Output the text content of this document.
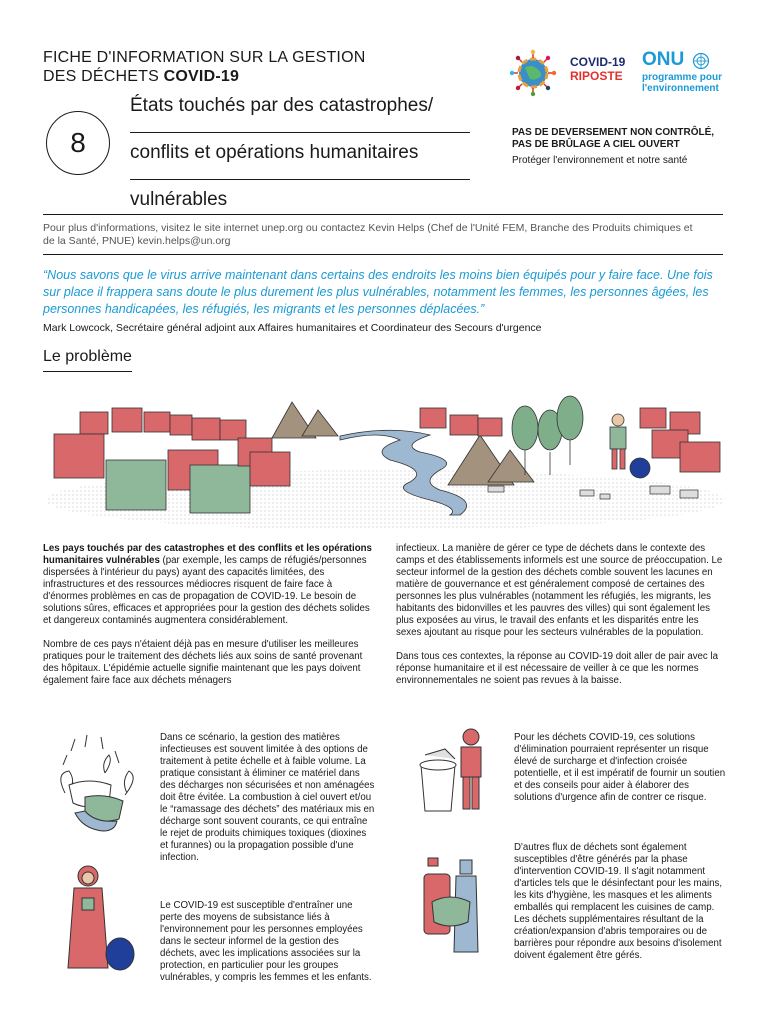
FICHE D'INFORMATION SUR LA GESTION
DES DÉCHETS COVID-19
COVID-19
RIPOSTE
ONU
programme pour
l'environnement
8
États touchés par des catastrophes/
conflits et opérations humanitaires
vulnérables
PAS DE DEVERSEMENT NON CONTRÔLÉ,
PAS DE BRÛLAGE A CIEL OUVERT
Protéger l'environnement et notre santé
Pour plus d'informations, visitez le site internet unep.org ou contactez Kevin Helps (Chef de l'Unité FEM, Branche des Produits chimiques et de la Santé, PNUE) kevin.helps@un.org
“Nous savons que le virus arrive maintenant dans certains des endroits les moins bien équipés pour y faire face. Une fois sur place il frappera sans doute le plus durement les plus vulnérables, notamment les femmes, les personnes âgées, les personnes handicapées, les réfugiés, les migrants et les personnes déplacées.”
Mark Lowcock, Secrétaire général adjoint aux Affaires humanitaires et Coordinateur des Secours d'urgence
Le problème

Les pays touchés par des catastrophes et des conflits et les opérations humanitaires vulnérables (par exemple, les camps de réfugiés/personnes dispersées à l'intérieur du pays) ayant des capacités limitées, des infrastructures et des ressources médiocres risquent de faire face à d'énormes problèmes en cas de propagation de COVID-19. Le besoin de solutions sûres, efficaces et appropriées pour la gestion des déchets solides et dangereux contaminés augmentera considérablement.

Nombre de ces pays n'étaient déjà pas en mesure d'utiliser les meilleures pratiques pour le traitement des déchets liés aux soins de santé provenant des hôpitaux. L'épidémie actuelle signifie maintenant que les pays doivent également faire face aux déchets ménagers

infectieux. La manière de gérer ce type de déchets dans le contexte des camps et des établissements informels est une source de préoccupation. Le secteur informel de la gestion des déchets comble souvent les lacunes en matière de gouvernance et est généralement composé de certaines des personnes les plus vulnérables (notamment les réfugiés, les migrants, les habitants des bidonvilles et les pauvres des villes) qui sont également les plus exposées au virus, le travail des enfants et les disparités entre les sexes ajoutant au risque pour les secteurs vulnérables de la population.

Dans tous ces contextes, la réponse au COVID-19 doit aller de pair avec la réponse humanitaire et il est nécessaire de veiller à ce que les normes environnementales ne soient pas revues à la baisse.

Dans ce scénario, la gestion des matières infectieuses est souvent limitée à des options de traitement à petite échelle et à faible volume. La pratique consistant à éliminer ce matériel dans des décharges non sécurisées et non aménagées doit être évitée. La combustion à ciel ouvert et/ou le “ramassage des déchets” des matériaux mis en décharge sont souvent courants, ce qui entraîne le rejet de produits chimiques toxiques (dioxines et furannes) ou la propagation possible d'une infection.
Le COVID-19 est susceptible d'entraîner une perte des moyens de subsistance liés à l'environnement pour les personnes employées dans le secteur informel de la gestion des déchets, avec les implications associées sur la protection, en particulier pour les groupes vulnérables, y compris les femmes et les enfants.
Pour les déchets COVID-19, ces solutions d'élimination pourraient représenter un risque élevé de surcharge et d'infection croisée potentielle, et il est impératif de fournir un soutien et des conseils pour aider à élaborer des solutions d'urgence afin de contrer ce risque.
D'autres flux de déchets sont également susceptibles d'être générés par la phase d'intervention COVID-19. Il s'agit notamment d'articles tels que le désinfectant pour les mains, les kits d'hygiène, les masques et les aliments emballés qui remplacent les cuisines de camp. Les déchets supplémentaires résultant de la création/expansion d'abris temporaires ou de barrières pour répondre aux besoins d'isolement doivent également être gérés.
